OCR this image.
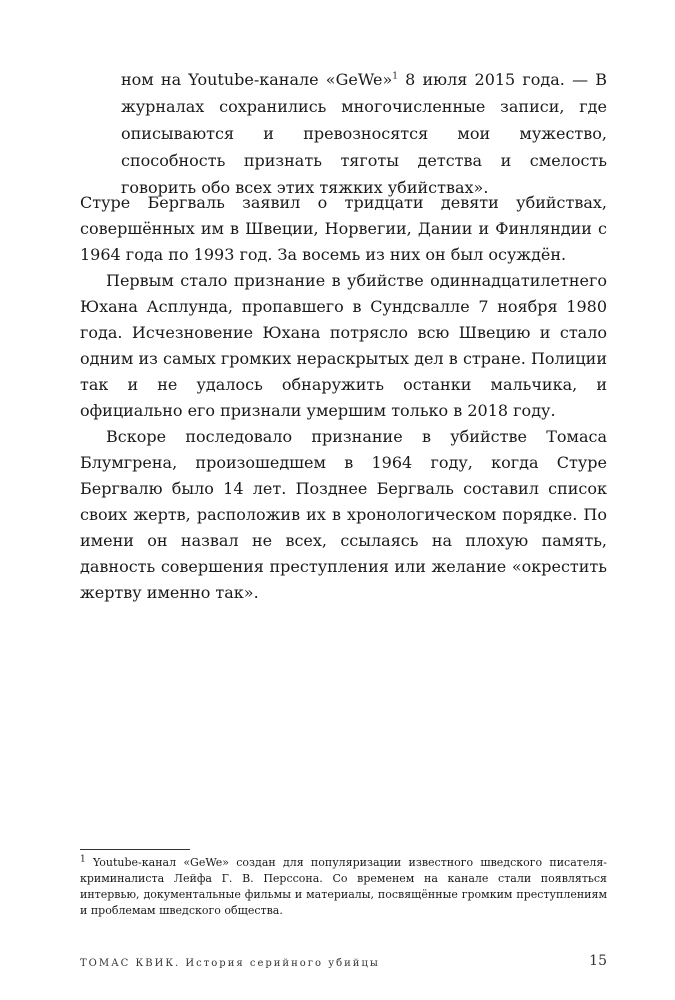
ном на Youtube-канале «GeWe»$^1$ 8 июля 2015 года. — В журналах сохранились многочисленные записи, где описываются и превозносятся мои мужество, способность признать тяготы детства и смелость говорить обо всех этих тяжких убийствах».

Стуре Бергваль заявил о тридцати девяти убийствах, совершённых им в Швеции, Норвегии, Дании и Финляндии с 1964 года по 1993 год. За восемь из них он был осуждён.

Первым стало признание в убийстве одиннадцатилетнего Юхана Асплунда, пропавшего в Сундсвалле 7 ноября 1980 года. Исчезновение Юхана потрясло всю Швецию и стало одним из самых громких нераскрытых дел в стране. Полиции так и не удалось обнаружить останки мальчика, и официально его признали умершим только в 2018 году.

Вскоре последовало признание в убийстве Томаса Блумгрена, произошедшем в 1964 году, когда Стуре Бергвалю было 14 лет. Позднее Бергваль составил список своих жертв, расположив их в хронологическом порядке. По имени он назвал не всех, ссылаясь на плохую память, давность совершения преступления или желание «окрестить жертву именно так».

$^1$ Youtube-канал «GeWe» создан для популяризации известного шведского писателя-криминалиста Лейфа Г. В. Перссона. Со временем на канале стали появляться интервью, документальные фильмы и материалы, посвящённые громким преступлениям и проблемам шведского общества.

ТОМАС КВИК. История серийного убийцы	15
